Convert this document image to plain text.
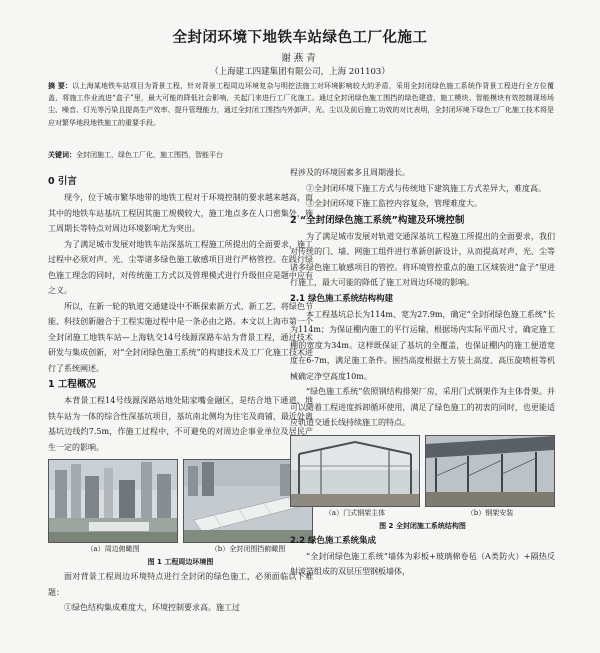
全封闭环境下地铁车站绿色工厂化施工
谢燕青
（上海建工四建集团有限公司，上海 201103）
摘 要：以上海某地铁车站项目为背景工程，针对背景工程周边环境复杂与明挖法施工对环境影响较大的矛盾，采用全封闭绿色施工系统作背景工程进行全方位覆盖，将施工作业流进“盒子”里，最大可能的降低社会影响，关起门来进行工厂化施工。通过全封闭绿色施工围挡的绿色建造、施工模块、智能模块有效控制现场场尘、噪音、灯光等污染且提高生产效率、提升管理能力，通过全封闭工围挡内外卸声、光、尘以及前后施工功效的对比表明，全封闭环境下绿色工厂化施工技术将是应对繁华地段地铁施工的重要手段。
关键词：全封闭施工，绿色工厂化，施工围挡，智能平台
0 引言

现今，位于城市繁华地带的地铁工程对于环境控制的要求越来越高，而其中的地铁车站基坑工程因其施工规模较大，施工地点多在人口密集处，施工周期长等特点对周边环境影响尤为突出。

为了满足城市发展对地铁车站深基坑工程施工所提出的全面要求，施工过程中必须对声、光、尘等诸多绿色施工敏感项目进行严格管控。在践行绿色施工理念的同时，对传统施工方式以及管理模式进行升级但应是题中应有之义。

所以，在新一轮的轨道交通建设中不断探索新方式、新工艺，将绿色节能、科技创新融合于工程实施过程中是一条必由之路。本文以上海市第一个全封闭施工地铁车站—上海轨交14号线源深路车站为背景工程，通过技术研发与集成创新，对“全封闭绿色施工系统”的构建技术及工厂化施工技术进行了系统阐述。

1 工程概况

本背景工程14号线源深路站地处陆家嘴金融区，是结合地下通道、地铁车站为一体的综合性深基坑项目，基坑南北侧均为住宅及商铺，最近处离基坑边线约7.5m，作施工过程中，不可避免的对周边企事业单位及居民产生一定的影响。

（a）周边俯瞰图	（b）全封闭围挡俯瞰图
图 1 工程周边环境图

面对背景工程周边环境特点进行全封闭的绿色施工，必须面临以下难题：

①绿色结构集成难度大，环境控制要求高。施工过

程涉及的环境因素多且周期漫长。

②全封闭环境下施工方式与传统地下建筑施工方式差异大，难度高。

③全封闭环境下施工监控内容复杂，管理难度大。

2 “全封闭绿色施工系统”构建及环境控制

为了满足城市发展对轨道交通深基坑工程施工所提出的全面要求，我们对传统的门、墙、网施工组件进行革新创新设计，从而提高对声、光、尘等诸多绿色施工敏感项目的管控。将环境管控重点的施工区域装进“盒子”里进行施工，最大可能的降低了施工对周边环境的影响。

2.1 绿色施工系统结构构建

本工程基坑总长为114m、宽为27.9m，确定“全封闭绿色施工系统”长为114m；为保证棚内施工的平行运输，根据场内实际平面尺寸，确定施工棚的宽度为34m。这样既保证了基坑的全覆盖，也保证棚内的施工便道宽度在6-7m，满足施工条件。围挡高度根据土方装土高度、高压旋喷桩等机械确定净空高度10m。

“绿色施工系统”依照钢结构排架厂房，采用门式钢架作为主体骨架。并可以随着工程进度拆卸循环使用，满足了绿色施工的初衷的同时，也更能适应轨道交通长线持续施工的特点。

（a）门式钢架主体	（b）钢架安装
图 2 全封闭施工系统结构图
2.2 绿色施工系统集成

“全封闭绿色施工系统”墙体为彩板+玻璃棉卷毡（A类防火）+隔热反射波箔组成的双层压型钢板墙体，
